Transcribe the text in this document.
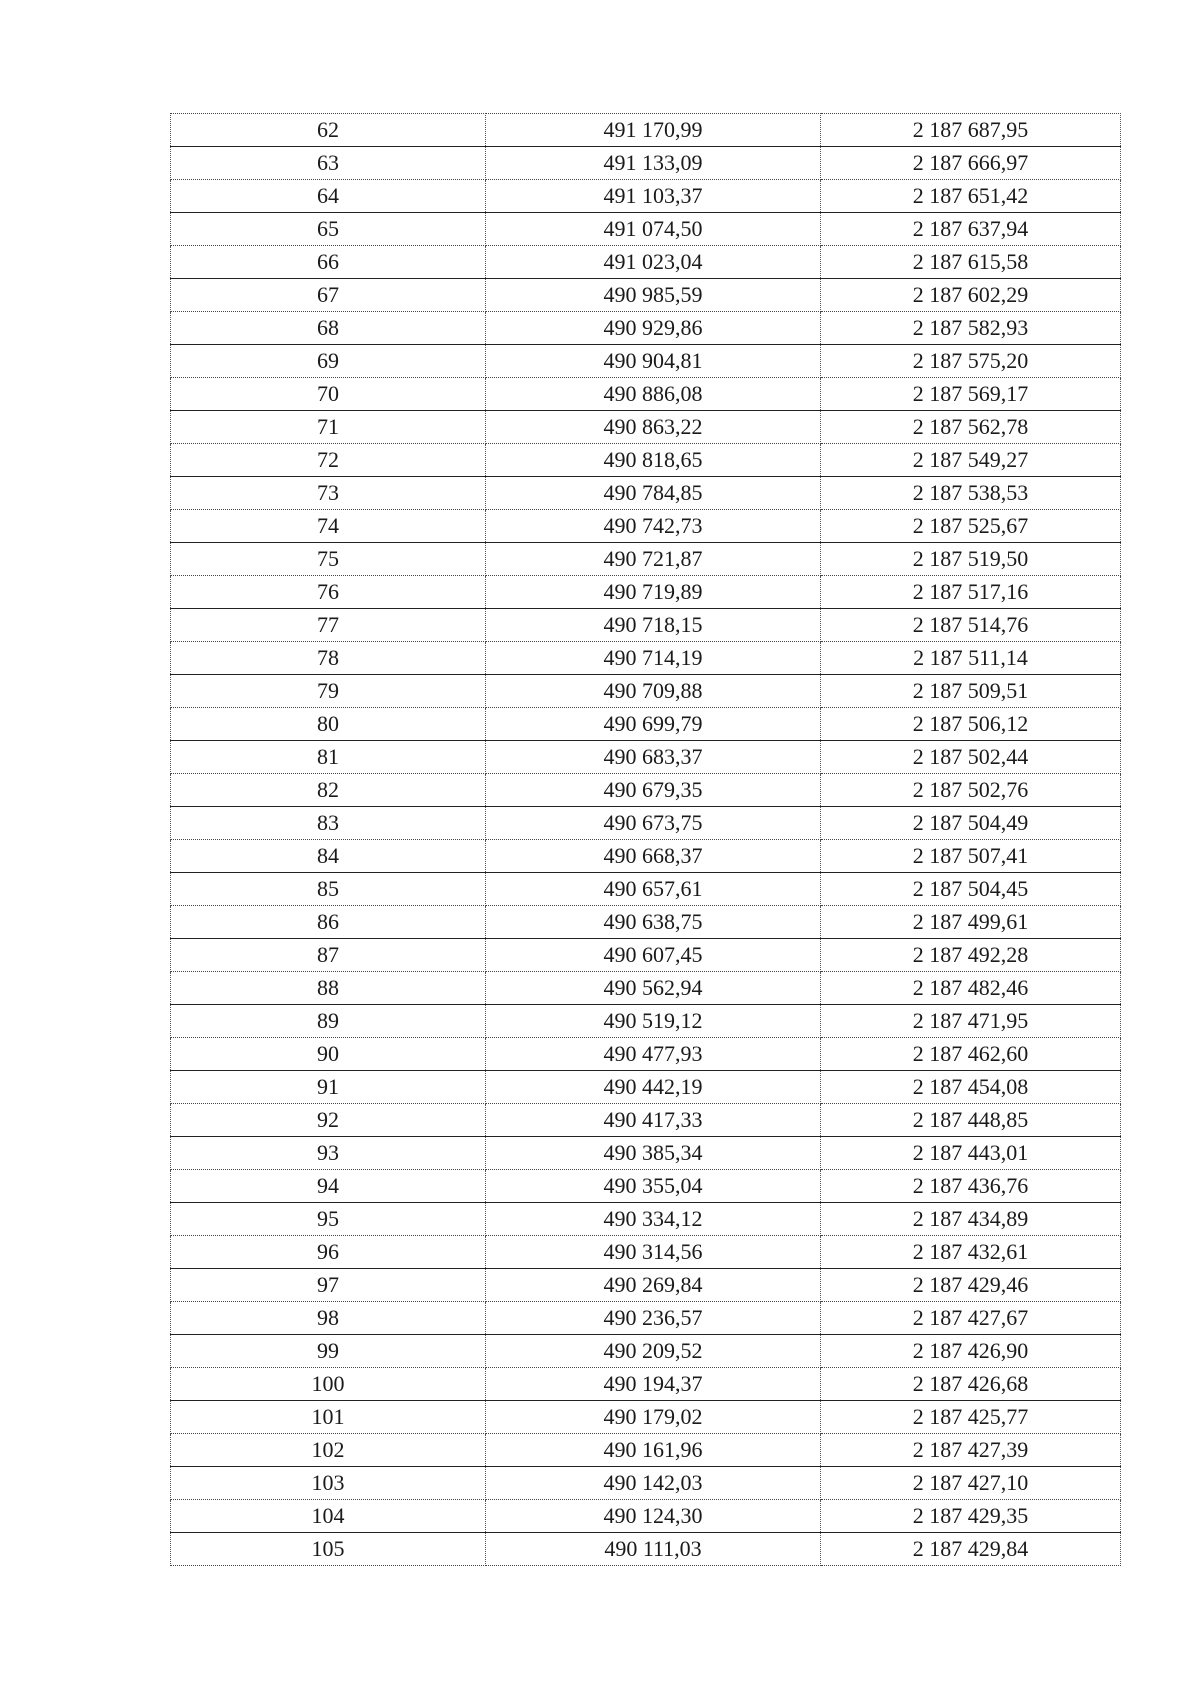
62	491 170,99	2 187 687,95
63	491 133,09	2 187 666,97
64	491 103,37	2 187 651,42
65	491 074,50	2 187 637,94
66	491 023,04	2 187 615,58
67	490 985,59	2 187 602,29
68	490 929,86	2 187 582,93
69	490 904,81	2 187 575,20
70	490 886,08	2 187 569,17
71	490 863,22	2 187 562,78
72	490 818,65	2 187 549,27
73	490 784,85	2 187 538,53
74	490 742,73	2 187 525,67
75	490 721,87	2 187 519,50
76	490 719,89	2 187 517,16
77	490 718,15	2 187 514,76
78	490 714,19	2 187 511,14
79	490 709,88	2 187 509,51
80	490 699,79	2 187 506,12
81	490 683,37	2 187 502,44
82	490 679,35	2 187 502,76
83	490 673,75	2 187 504,49
84	490 668,37	2 187 507,41
85	490 657,61	2 187 504,45
86	490 638,75	2 187 499,61
87	490 607,45	2 187 492,28
88	490 562,94	2 187 482,46
89	490 519,12	2 187 471,95
90	490 477,93	2 187 462,60
91	490 442,19	2 187 454,08
92	490 417,33	2 187 448,85
93	490 385,34	2 187 443,01
94	490 355,04	2 187 436,76
95	490 334,12	2 187 434,89
96	490 314,56	2 187 432,61
97	490 269,84	2 187 429,46
98	490 236,57	2 187 427,67
99	490 209,52	2 187 426,90
100	490 194,37	2 187 426,68
101	490 179,02	2 187 425,77
102	490 161,96	2 187 427,39
103	490 142,03	2 187 427,10
104	490 124,30	2 187 429,35
105	490 111,03	2 187 429,84
